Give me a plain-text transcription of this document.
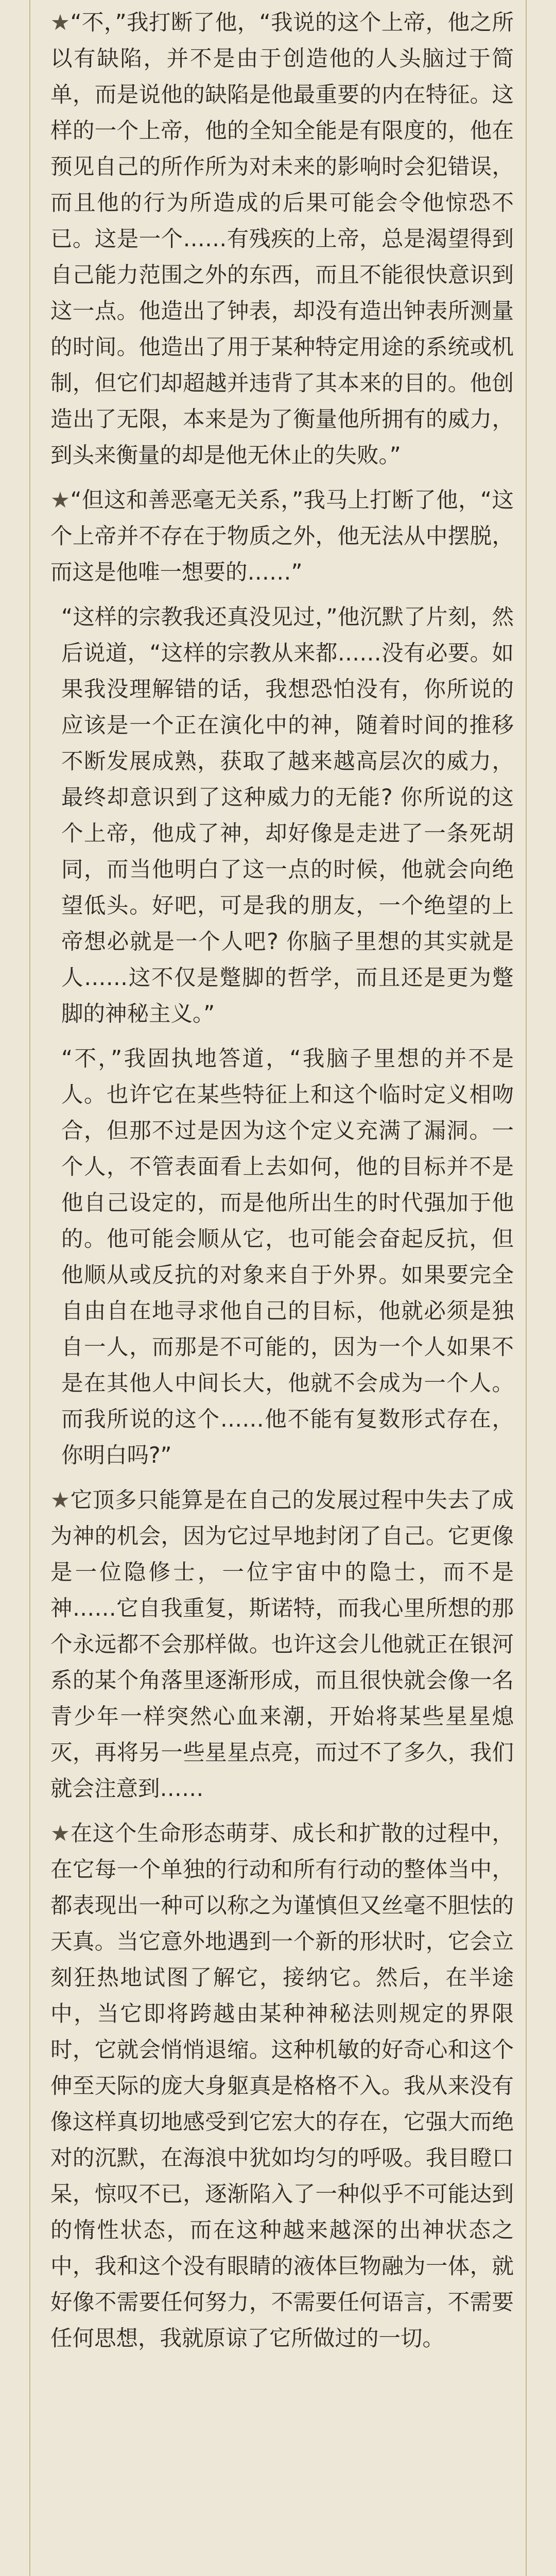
★“不，”我打断了他，“我说的这个上帝，他之所以有缺陷，并不是由于创造他的人头脑过于简单，而是说他的缺陷是他最重要的内在特征。这样的一个上帝，他的全知全能是有限度的，他在预见自己的所作所为对未来的影响时会犯错误，而且他的行为所造成的后果可能会令他惊恐不已。这是一个……有残疾的上帝，总是渴望得到自己能力范围之外的东西，而且不能很快意识到这一点。他造出了钟表，却没有造出钟表所测量的时间。他造出了用于某种特定用途的系统或机制，但它们却超越并违背了其本来的目的。他创造出了无限，本来是为了衡量他所拥有的威力，到头来衡量的却是他无休止的失败。”

★“但这和善恶毫无关系，”我马上打断了他，“这个上帝并不存在于物质之外，他无法从中摆脱，而这是他唯一想要的……”

“这样的宗教我还真没见过，”他沉默了片刻，然后说道，“这样的宗教从来都……没有必要。如果我没理解错的话，我想恐怕没有，你所说的应该是一个正在演化中的神，随着时间的推移不断发展成熟，获取了越来越高层次的威力，最终却意识到了这种威力的无能? 你所说的这个上帝，他成了神，却好像是走进了一条死胡同，而当他明白了这一点的时候，他就会向绝望低头。好吧，可是我的朋友，一个绝望的上帝想必就是一个人吧? 你脑子里想的其实就是人……这不仅是蹩脚的哲学，而且还是更为蹩脚的神秘主义。”

“不，”我固执地答道，“我脑子里想的并不是人。也许它在某些特征上和这个临时定义相吻合，但那不过是因为这个定义充满了漏洞。一个人，不管表面看上去如何，他的目标并不是他自己设定的，而是他所出生的时代强加于他的。他可能会顺从它，也可能会奋起反抗，但他顺从或反抗的对象来自于外界。如果要完全自由自在地寻求他自己的目标，他就必须是独自一人，而那是不可能的，因为一个人如果不是在其他人中间长大，他就不会成为一个人。而我所说的这个……他不能有复数形式存在，你明白吗?”

★它顶多只能算是在自己的发展过程中失去了成为神的机会，因为它过早地封闭了自己。它更像是一位隐修士，一位宇宙中的隐士，而不是神……它自我重复，斯诺特，而我心里所想的那个永远都不会那样做。也许这会儿他就正在银河系的某个角落里逐渐形成，而且很快就会像一名青少年一样突然心血来潮，开始将某些星星熄灭，再将另一些星星点亮，而过不了多久，我们就会注意到……

★在这个生命形态萌芽、成长和扩散的过程中，在它每一个单独的行动和所有行动的整体当中，都表现出一种可以称之为谨慎但又丝毫不胆怯的天真。当它意外地遇到一个新的形状时，它会立刻狂热地试图了解它，接纳它。然后，在半途中，当它即将跨越由某种神秘法则规定的界限时，它就会悄悄退缩。这种机敏的好奇心和这个伸至天际的庞大身躯真是格格不入。我从来没有像这样真切地感受到它宏大的存在，它强大而绝对的沉默，在海浪中犹如均匀的呼吸。我目瞪口呆，惊叹不已，逐渐陷入了一种似乎不可能达到的惰性状态，而在这种越来越深的出神状态之中，我和这个没有眼睛的液体巨物融为一体，就好像不需要任何努力，不需要任何语言，不需要任何思想，我就原谅了它所做过的一切。
